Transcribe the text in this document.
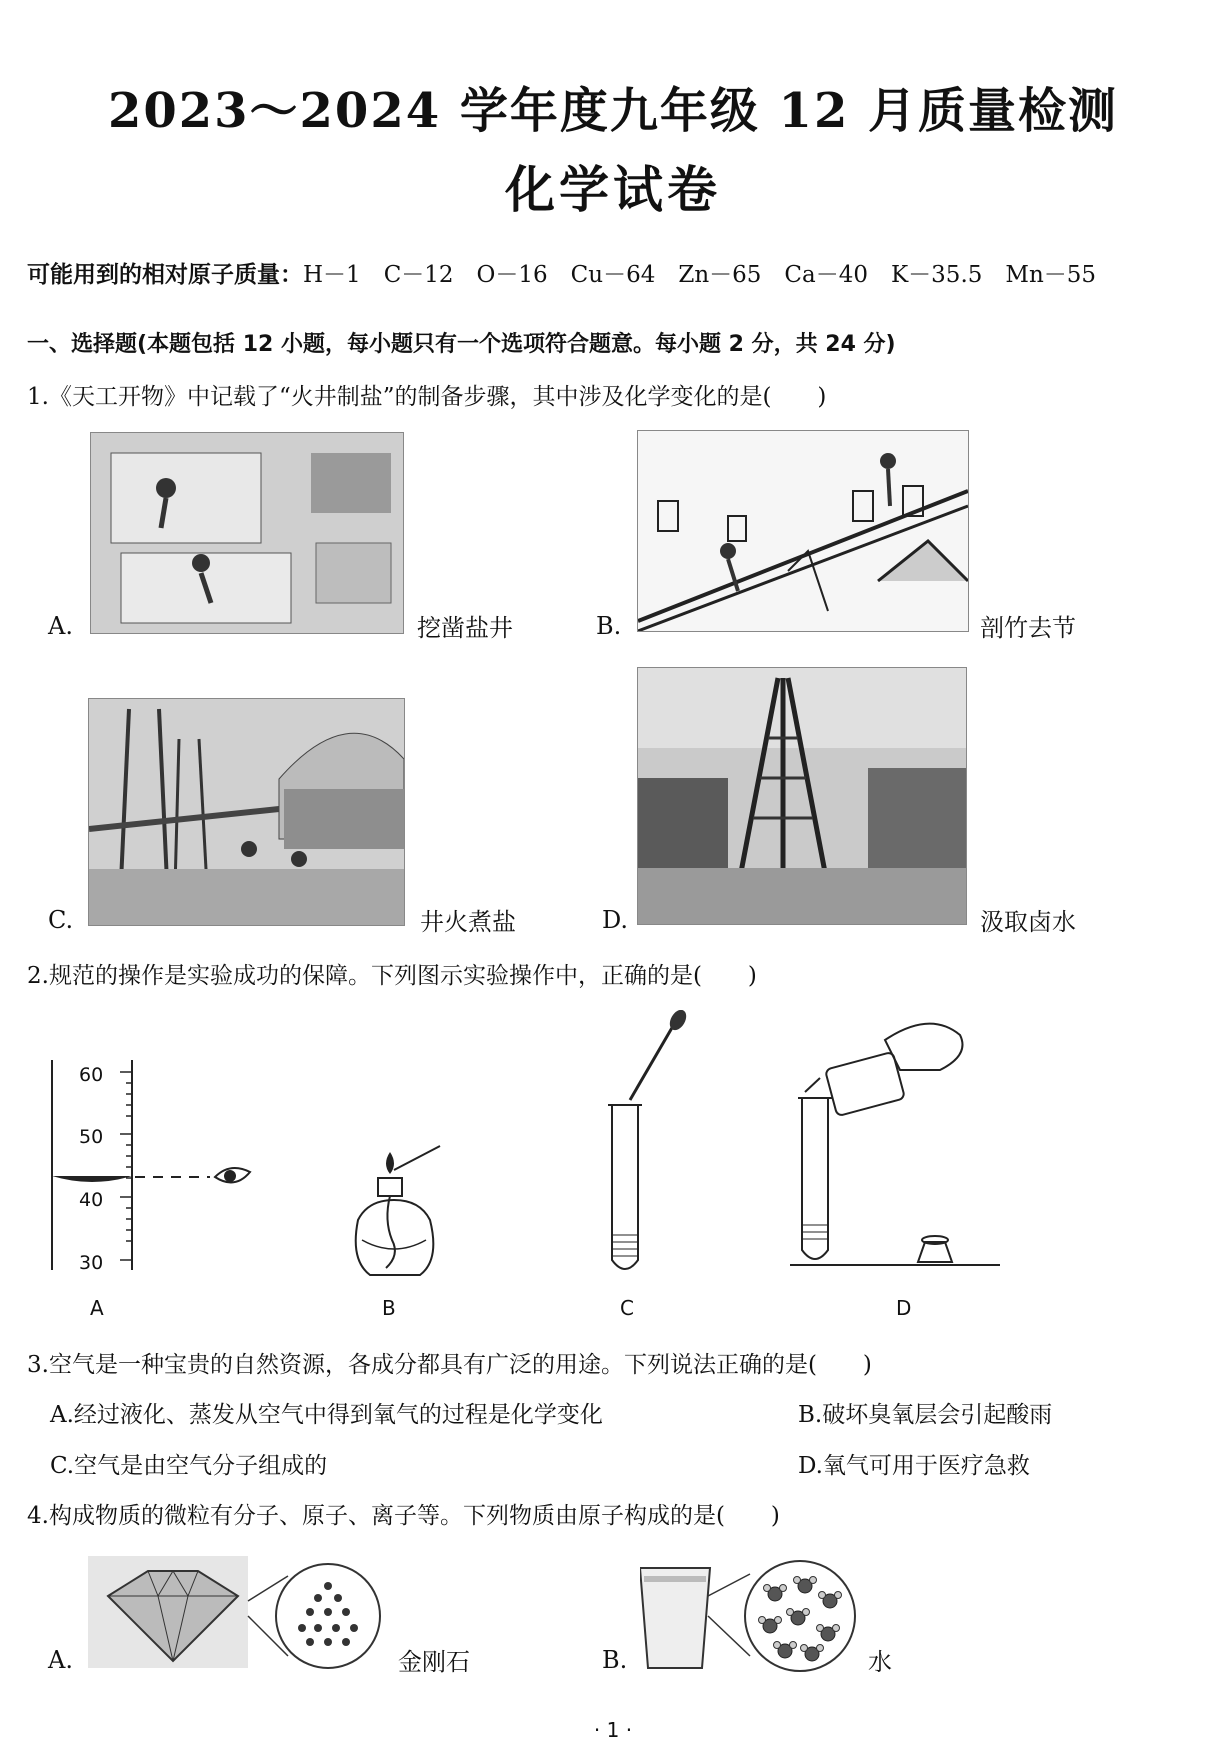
2023～2024 学年度九年级 12 月质量检测
化学试卷
可能用到的相对原子质量：H－1　C－12　O－16　Cu－64　Zn－65　Ca－40　K－35.5　Mn－55
一、选择题(本题包括 12 小题，每小题只有一个选项符合题意。每小题 2 分，共 24 分)
1.《天工开物》中记载了“火井制盐”的制备步骤，其中涉及化学变化的是(　　)
A.	挖凿盐井	B.	剖竹去节
C.	井火煮盐	D.	汲取卤水
2.规范的操作是实验成功的保障。下列图示实验操作中，正确的是(　　)
60
50
40
30
A	B	C	D
3.空气是一种宝贵的自然资源，各成分都具有广泛的用途。下列说法正确的是(　　)
A.经过液化、蒸发从空气中得到氧气的过程是化学变化	B.破坏臭氧层会引起酸雨
C.空气是由空气分子组成的	D.氧气可用于医疗急救
4.构成物质的微粒有分子、原子、离子等。下列物质由原子构成的是(　　)
A.	金刚石	B.	水
· 1 ·
